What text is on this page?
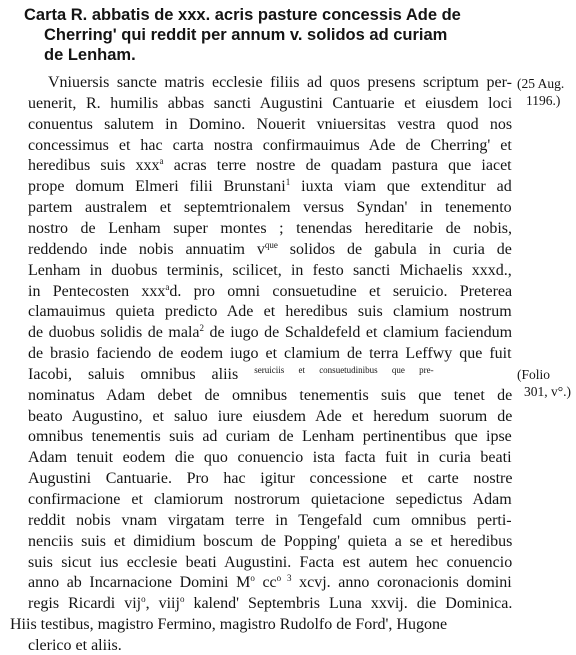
Carta R. abbatis de xxx. acris pasture concessis Ade de
Cherring' qui reddit per annum v. solidos ad curiam
de Lenham.
Vniuersis sancte matris ecclesie filiis ad quos presens scriptum per-
uenerit, R. humilis abbas sancti Augustini Cantuarie et eiusdem loci
conuentus salutem in Domino. Nouerit vniuersitas vestra quod nos
concessimus et hac carta nostra confirmauimus Ade de Cherring' et
heredibus suis xxx$^a$ acras terre nostre de quadam pastura que iacet
prope domum Elmeri filii Brunstani$^1$ iuxta viam que extenditur ad
partem australem et septemtrionalem versus Syndan' in tenemento
nostro de Lenham super montes ; tenendas hereditarie de nobis,
reddendo inde nobis annuatim $v^{que}$ solidos de gabula in curia de
Lenham in duobus terminis, scilicet, in festo sancti Michaelis xxxd.,
in Pentecosten xxx$^a$d. pro omni consuetudine et seruicio. Preterea
clamauimus quieta predicto Ade et heredibus suis clamium nostrum
de duobus solidis de mala$^2$ de iugo de Schaldefeld et clamium faciendum
de brasio faciendo de eodem iugo et clamium de terra Leffwy que fuit
Iacobi, saluis omnibus aliis $^{seruiciis et consuetudinibus que pre-}$
nominatus Adam debet de omnibus tenementis suis que tenet de
beato Augustino, et saluo iure eiusdem Ade et heredum suorum de
omnibus tenementis suis ad curiam de Lenham pertinentibus que ipse
Adam tenuit eodem die quo conuencio ista facta fuit in curia beati
Augustini Cantuarie. Pro hac igitur concessione et carte nostre
confirmacione et clamiorum nostrorum quietacione sepedictus Adam
reddit nobis vnam virgatam terre in Tengefald cum omnibus perti-
nenciis suis et dimidium boscum de Popping' quieta a se et heredibus
suis sicut ius ecclesie beati Augustini. Facta est autem hec conuencio
anno ab Incarnacione Domini $M^o$ $cc^{o 3}$ xcvj. anno coronacionis domini
regis Ricardi vij$^o$, viij$^o$ kalend' Septembris Luna xxvij. die Dominica.
Hiis testibus, magistro Fermino, magistro Rudolfo de Ford', Hugone
clerico et aliis.
(25 Aug.
1196.)
(Folio
301, v°.)
